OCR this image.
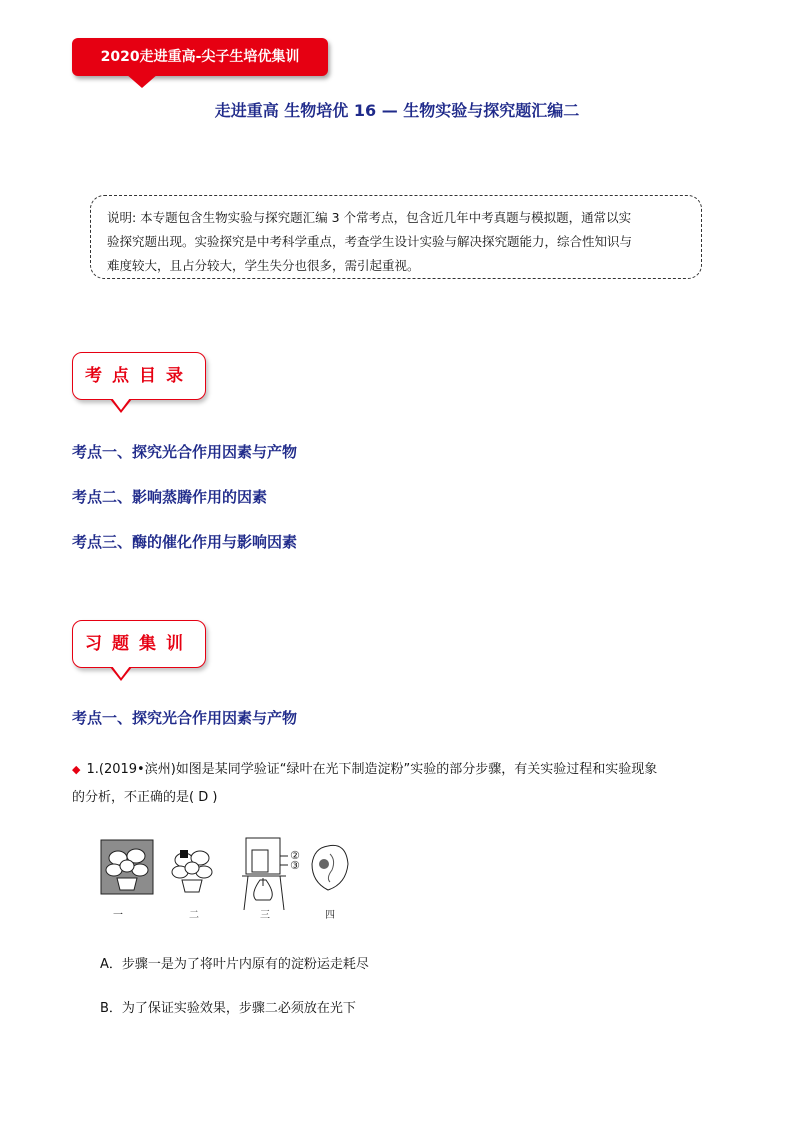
2020走进重高-尖子生培优集训
走进重高 生物培优 16 — 生物实验与探究题汇编二
说明: 本专题包含生物实验与探究题汇编 3 个常考点，包含近几年中考真题与模拟题，通常以实
验探究题出现。实验探究是中考科学重点，考查学生设计实验与解决探究题能力，综合性知识与
难度较大，且占分较大，学生失分也很多，需引起重视。
考点目录
考点一、探究光合作用因素与产物
考点二、影响蒸腾作用的因素
考点三、酶的催化作用与影响因素
习题集训
考点一、探究光合作用因素与产物
◆ 1.(2019•滨州)如图是某同学验证“绿叶在光下制造淀粉”实验的部分步骤，有关实验过程和实验现象
的分析，不正确的是( D )
②
③
一	二	三	四
A．步骤一是为了将叶片内原有的淀粉运走耗尽
B．为了保证实验效果，步骤二必须放在光下
